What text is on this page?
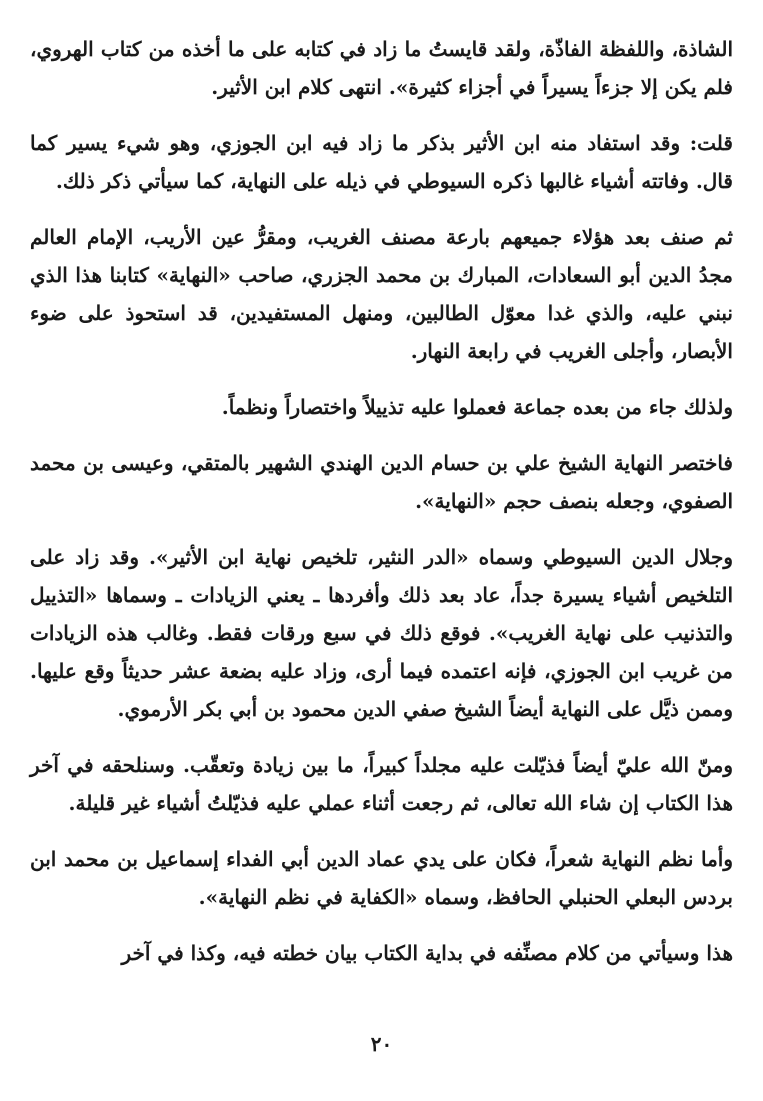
الشاذة، واللفظة الفاذّة، ولقد قايستُ ما زاد في كتابه على ما أخذه من كتاب الهروي، فلم يكن إلا جزءاً يسيراً في أجزاء كثيرة». انتهى كلام ابن الأثير.

قلت: وقد استفاد منه ابن الأثير بذكر ما زاد فيه ابن الجوزي، وهو شيء يسير كما قال. وفاتته أشياء غالبها ذكره السيوطي في ذيله على النهاية، كما سيأتي ذكر ذلك.

ثم صنف بعد هؤلاء جميعهم بارعة مصنف الغريب، ومقرُّ عين الأريب، الإمام العالم مجدُ الدين أبو السعادات، المبارك بن محمد الجزري، صاحب «النهاية» كتابنا هذا الذي نبني عليه، والذي غدا معوّل الطالبين، ومنهل المستفيدين، قد استحوذ على ضوء الأبصار، وأجلى الغريب في رابعة النهار.

ولذلك جاء من بعده جماعة فعملوا عليه تذييلاً واختصاراً ونظماً.

فاختصر النهاية الشيخ علي بن حسام الدين الهندي الشهير بالمتقي، وعيسى بن محمد الصفوي، وجعله بنصف حجم «النهاية».

وجلال الدين السيوطي وسماه «الدر النثير، تلخيص نهاية ابن الأثير». وقد زاد على التلخيص أشياء يسيرة جداً، عاد بعد ذلك وأفردها ـ يعني الزيادات ـ وسماها «التذييل والتذنيب على نهاية الغريب». فوقع ذلك في سبع ورقات فقط. وغالب هذه الزيادات من غريب ابن الجوزي، فإنه اعتمده فيما أرى، وزاد عليه بضعة عشر حديثاً وقع عليها. وممن ذيَّل على النهاية أيضاً الشيخ صفي الدين محمود بن أبي بكر الأرموي.

ومنّ الله عليّ أيضاً فذيّلت عليه مجلداً كبيراً، ما بين زيادة وتعقّب. وسنلحقه في آخر هذا الكتاب إن شاء الله تعالى، ثم رجعت أثناء عملي عليه فذيّلتُ أشياء غير قليلة.

وأما نظم النهاية شعراً، فكان على يدي عماد الدين أبي الفداء إسماعيل بن محمد ابن بردس البعلي الحنبلي الحافظ، وسماه «الكفاية في نظم النهاية».

هذا وسيأتي من كلام مصنِّفه في بداية الكتاب بيان خطته فيه، وكذا في آخر

٢٠
